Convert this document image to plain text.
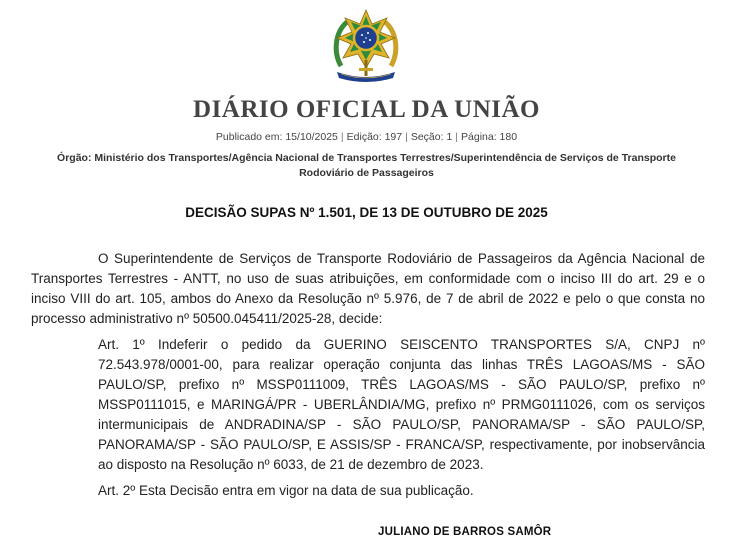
DIÁRIO OFICIAL DA UNIÃO
Publicado em: 15/10/2025 | Edição: 197 | Seção: 1 | Página: 180
Órgão: Ministério dos Transportes/Agência Nacional de Transportes Terrestres/Superintendência de Serviços de Transporte Rodoviário de Passageiros
DECISÃO SUPAS Nº 1.501, DE 13 DE OUTUBRO DE 2025

O Superintendente de Serviços de Transporte Rodoviário de Passageiros da Agência Nacional de Transportes Terrestres - ANTT, no uso de suas atribuições, em conformidade com o inciso III do art. 29 e o inciso VIII do art. 105, ambos do Anexo da Resolução nº 5.976, de 7 de abril de 2022 e pelo o que consta no processo administrativo nº 50500.045411/2025-28, decide:

Art. 1º Indeferir o pedido da GUERINO SEISCENTO TRANSPORTES S/A, CNPJ nº 72.543.978/0001-00, para realizar operação conjunta das linhas TRÊS LAGOAS/MS - SÃO PAULO/SP, prefixo nº MSSP0111009, TRÊS LAGOAS/MS - SÃO PAULO/SP, prefixo nº MSSP0111015, e MARINGÁ/PR - UBERLÂNDIA/MG, prefixo nº PRMG0111026, com os serviços intermunicipais de ANDRADINA/SP - SÃO PAULO/SP, PANORAMA/SP - SÃO PAULO/SP, PANORAMA/SP - SÃO PAULO/SP, E ASSIS/SP - FRANCA/SP, respectivamente, por inobservância ao disposto na Resolução nº 6033, de 21 de dezembro de 2023.

Art. 2º Esta Decisão entra em vigor na data de sua publicação.

JULIANO DE BARROS SAMÔR
